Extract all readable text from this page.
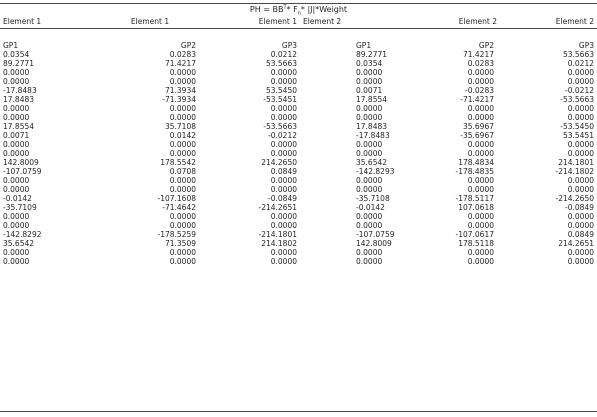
PH = $BB^T*$ $F_n*$ |J|*Weight
Element 1	Element 1	Element 1 Element 2	Element 2	Element 2
GP1	GP2	GP3	GP1	GP2	GP3
0.0354	0.0283	0.0212	89.2771	71.4217	53.5663
89.2771	71.4217	53.5663	0.0354	0.0283	0.0212
0.0000	0.0000	0.0000	0.0000	0.0000	0.0000
0.0000	0.0000	0.0000	0.0000	0.0000	0.0000
-17.8483	71.3934	53.5450	0.0071	-0.0283	-0.0212
17.8483	-71.3934	-53.5451	17.8554	-71.4217	-53.5663
0.0000	0.0000	0.0000	0.0000	0.0000	0.0000
0.0000	0.0000	0.0000	0.0000	0.0000	0.0000
17.8554	35.7108	-53.5663	17.8483	35.6967	-53.5450
0.0071	0.0142	-0.0212	-17.8483	-35.6967	53.5451
0.0000	0.0000	0.0000	0.0000	0.0000	0.0000
0.0000	0.0000	0.0000	0.0000	0.0000	0.0000
142.8009	178.5542	214.2650	35.6542	178.4834	214.1801
-107.0759	0.0708	0.0849	-142.8293	-178.4835	-214.1802
0.0000	0.0000	0.0000	0.0000	0.0000	0.0000
0.0000	0.0000	0.0000	0.0000	0.0000	0.0000
-0.0142	-107.1608	-0.0849	-35.7108	-178.5117	-214.2650
-35.7109	-71.4642	-214.2651	-0.0142	107.0618	-0.0849
0.0000	0.0000	0.0000	0.0000	0.0000	0.0000
0.0000	0.0000	0.0000	0.0000	0.0000	0.0000
-142.8292	-178.5259	-214.1801	-107.0759	-107.0617	0.0849
35.6542	71.3509	214.1802	142.8009	178.5118	214.2651
0.0000	0.0000	0.0000	0.0000	0.0000	0.0000
0.0000	0.0000	0.0000	0.0000	0.0000	0.0000
